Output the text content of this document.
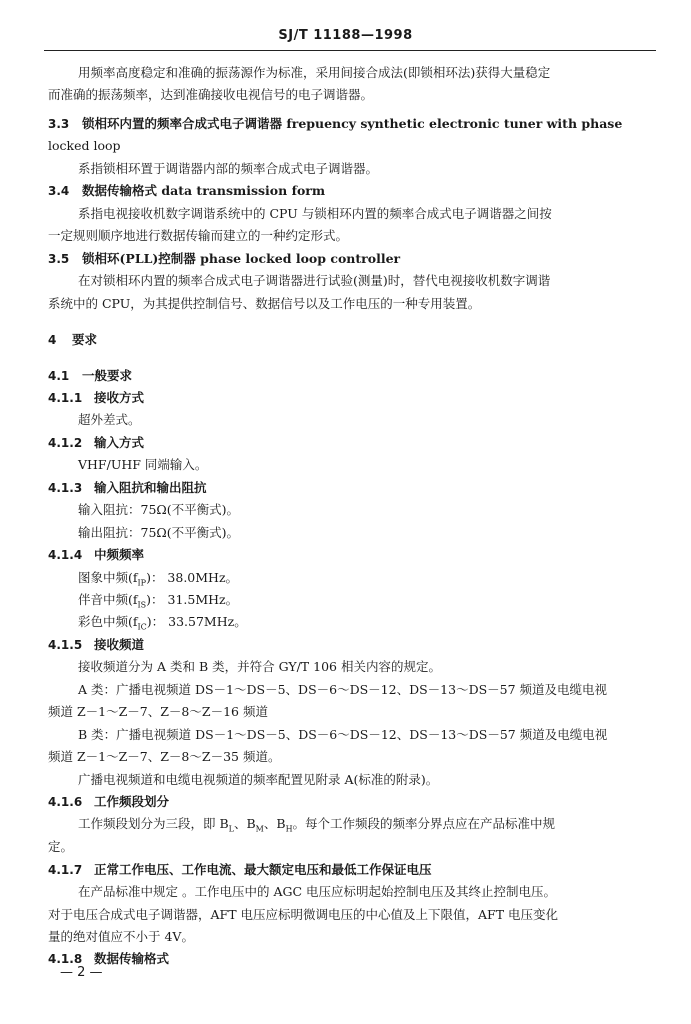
SJ/T 11188—1998
用频率高度稳定和准确的振荡源作为标准，采用间接合成法(即锁相环法)获得大量稳定
而准确的振荡频率，达到准确接收电视信号的电子调谐器。
3.3 锁相环内置的频率合成式电子调谐器 frepuency synthetic electronic tuner with phase
locked loop
系指锁相环置于调谐器内部的频率合成式电子调谐器。
3.4 数据传输格式 data transmission form
系指电视接收机数字调谐系统中的 CPU 与锁相环内置的频率合成式电子调谐器之间按
一定规则顺序地进行数据传输而建立的一种约定形式。
3.5 锁相环(PLL)控制器 phase locked loop controller
在对锁相环内置的频率合成式电子调谐器进行试验(测量)时，替代电视接收机数字调谐
系统中的 CPU，为其提供控制信号、数据信号以及工作电压的一种专用装置。
4 要求
4.1 一般要求
4.1.1 接收方式
超外差式。
4.1.2 输入方式
VHF/UHF 同端输入。
4.1.3 输入阻抗和输出阻抗
输入阻抗：75Ω(不平衡式)。
输出阻抗：75Ω(不平衡式)。
4.1.4 中频频率
图象中频$(f_{IP})$： 38.0MHz。
伴音中频$(f_{IS})$： 31.5MHz。
彩色中频$(f_{IC})$： 33.57MHz。
4.1.5 接收频道
接收频道分为 A 类和 B 类，并符合 GY/T 106 相关内容的规定。
A 类：广播电视频道 DS－1～DS－5、DS－6～DS－12、DS－13～DS－57 频道及电缆电视
频道 Z－1～Z－7、Z－8～Z－16 频道
B 类：广播电视频道 DS－1～DS－5、DS－6～DS－12、DS－13～DS－57 频道及电缆电视
频道 Z－1～Z－7、Z－8～Z－35 频道。
广播电视频道和电缆电视频道的频率配置见附录 A(标准的附录)。
4.1.6 工作频段划分
工作频段划分为三段，即 $B_L$、$B_M$、$B_H$。每个工作频段的频率分界点应在产品标准中规
定。
4.1.7 正常工作电压、工作电流、最大额定电压和最低工作保证电压
在产品标准中规定 。工作电压中的 AGC 电压应标明起始控制电压及其终止控制电压。
对于电压合成式电子调谐器，AFT 电压应标明微调电压的中心值及上下限值，AFT 电压变化
量的绝对值应不小于 4V。
4.1.8 数据传输格式
— 2 —
